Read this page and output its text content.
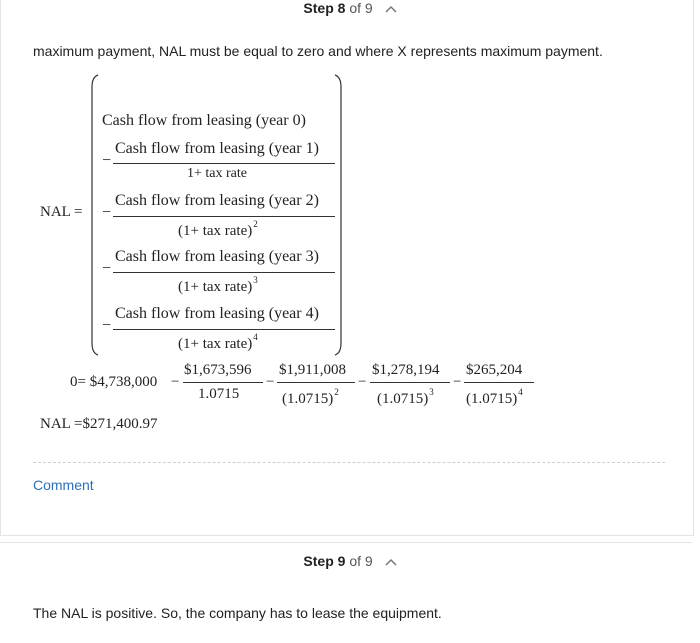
Step 8 of 9
maximum payment, NAL must be equal to zero and where X represents maximum payment.
NAL =
Cash flow from leasing (year 0)
−
Cash flow from leasing (year 1)
1+ tax rate
−
Cash flow from leasing (year 2)
(1+ tax rate)$^2$
−
Cash flow from leasing (year 3)
(1+ tax rate)$^3$
−
Cash flow from leasing (year 4)
(1+ tax rate)$^4$
0= $4,738,000 −
$1,673,596
1.0715
−
$1,911,008
$(1.0715)^2$
−
$1,278,194
$(1.0715)^3$
−
$265,204
$(1.0715)^4$
NAL =$271,400.97
Comment
Step 9 of 9
The NAL is positive. So, the company has to lease the equipment.
